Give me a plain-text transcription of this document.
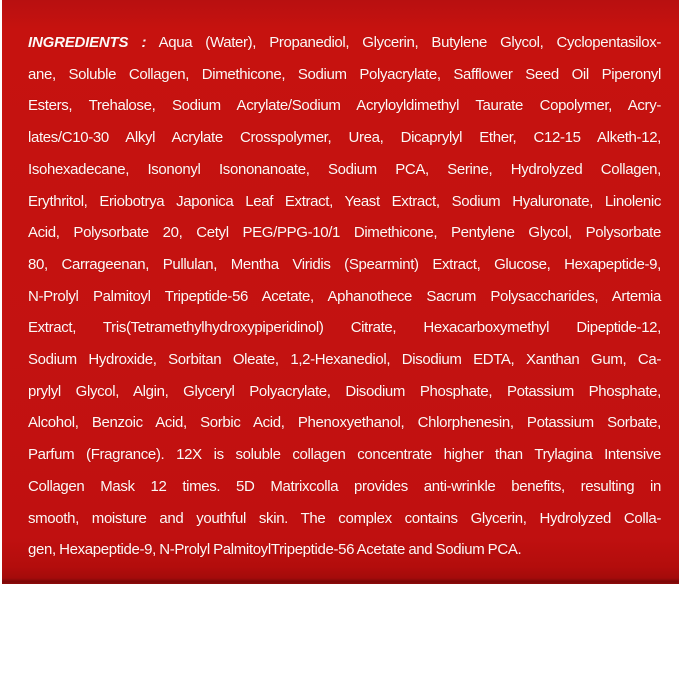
INGREDIENTS : Aqua (Water), Propanediol, Glycerin, Butylene Glycol, Cyclopentasilox-
ane, Soluble Collagen, Dimethicone, Sodium Polyacrylate, Safflower Seed Oil Piperonyl
Esters, Trehalose, Sodium Acrylate/Sodium Acryloyldimethyl Taurate Copolymer, Acry-
lates/C10-30 Alkyl Acrylate Crosspolymer, Urea, Dicaprylyl Ether, C12-15 Alketh-12,
Isohexadecane, Isononyl Isononanoate, Sodium PCA, Serine, Hydrolyzed Collagen,
Erythritol, Eriobotrya Japonica Leaf Extract, Yeast Extract, Sodium Hyaluronate, Linolenic
Acid, Polysorbate 20, Cetyl PEG/PPG-10/1 Dimethicone, Pentylene Glycol, Polysorbate
80, Carrageenan, Pullulan, Mentha Viridis (Spearmint) Extract, Glucose, Hexapeptide-9,
N-Prolyl Palmitoyl Tripeptide-56 Acetate, Aphanothece Sacrum Polysaccharides, Artemia
Extract, Tris(Tetramethylhydroxypiperidinol) Citrate, Hexacarboxymethyl Dipeptide-12,
Sodium Hydroxide, Sorbitan Oleate, 1,2-Hexanediol, Disodium EDTA, Xanthan Gum, Ca-
prylyl Glycol, Algin, Glyceryl Polyacrylate, Disodium Phosphate, Potassium Phosphate,
Alcohol, Benzoic Acid, Sorbic Acid, Phenoxyethanol, Chlorphenesin, Potassium Sorbate,
Parfum (Fragrance). 12X is soluble collagen concentrate higher than Trylagina Intensive
Collagen Mask 12 times. 5D Matrixcolla provides anti-wrinkle benefits, resulting in
smooth, moisture and youthful skin. The complex contains Glycerin, Hydrolyzed Colla-
gen, Hexapeptide-9, N-Prolyl PalmitoylTripeptide-56 Acetate and Sodium PCA.
